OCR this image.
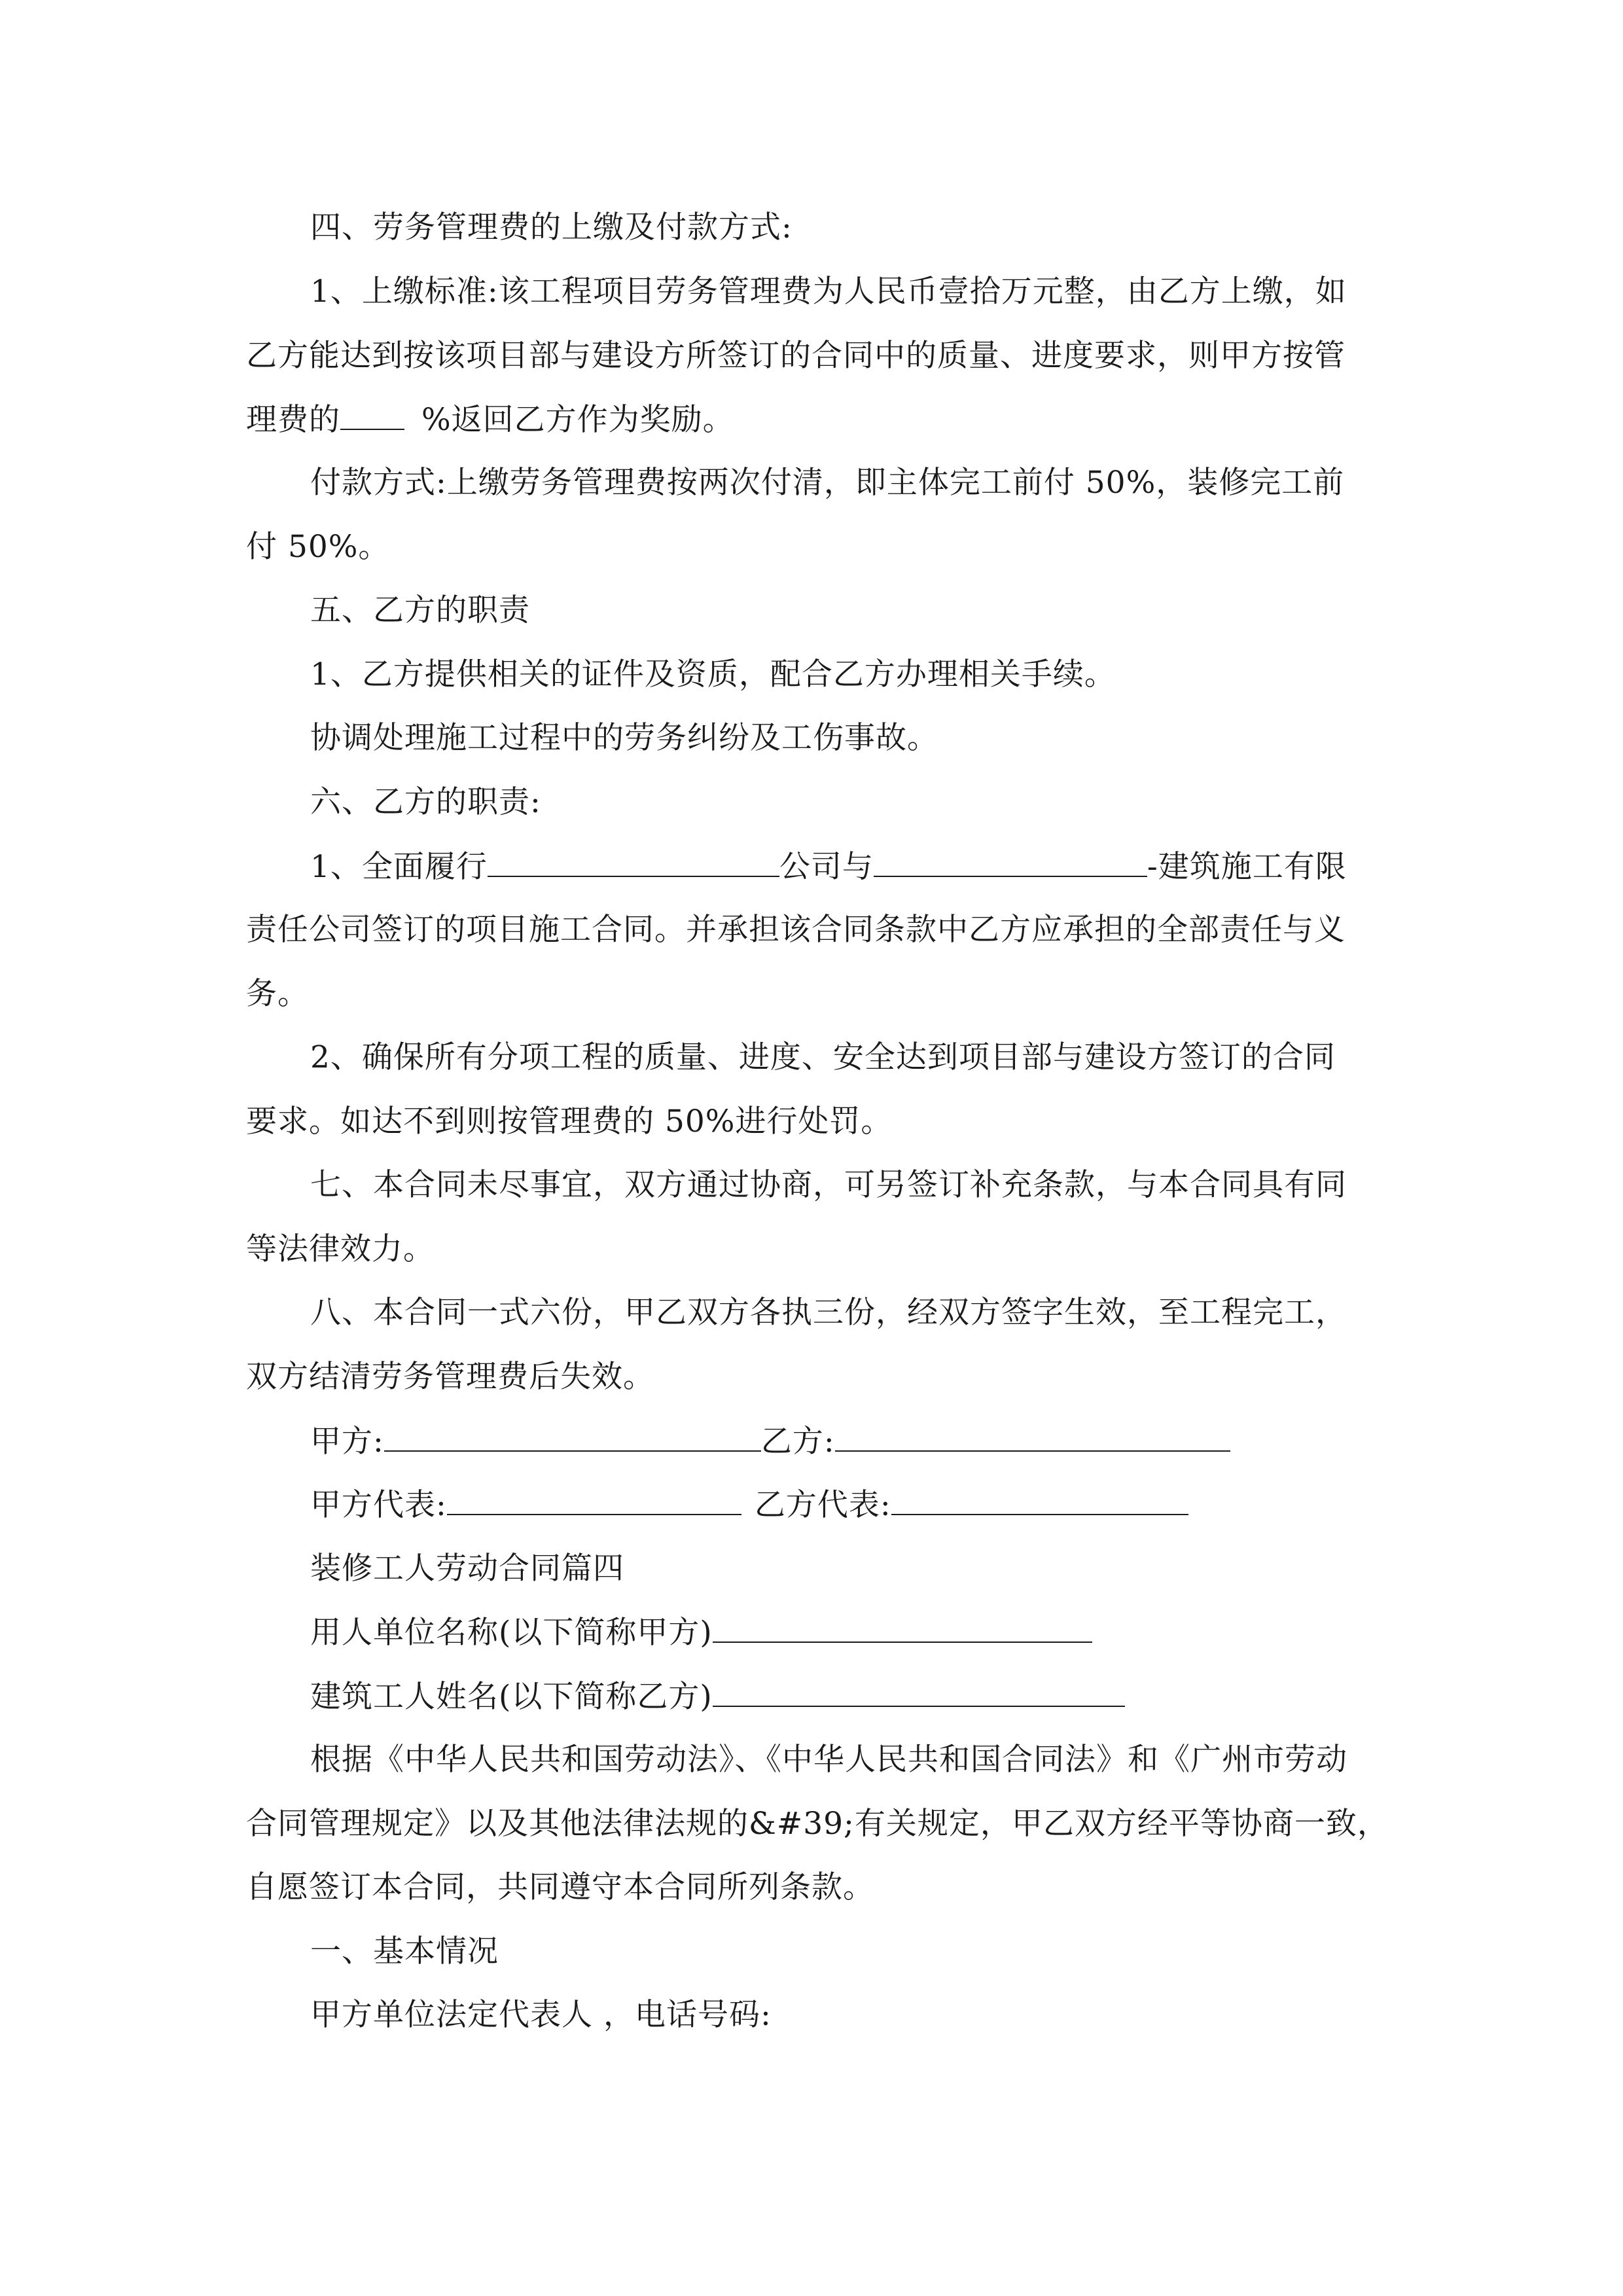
四、劳务管理费的上缴及付款方式:
1、上缴标准:该工程项目劳务管理费为人民币壹拾万元整，由乙方上缴，如
乙方能达到按该项目部与建设方所签订的合同中的质量、进度要求，则甲方按管
理费的	%返回乙方作为奖励。
付款方式:上缴劳务管理费按两次付清，即主体完工前付 50%，装修完工前
付 50%。
五、乙方的职责
1、乙方提供相关的证件及资质，配合乙方办理相关手续。
协调处理施工过程中的劳务纠纷及工伤事故。
六、乙方的职责:
1、全面履行	公司与	-建筑施工有限
责任公司签订的项目施工合同。并承担该合同条款中乙方应承担的全部责任与义
务。
2、确保所有分项工程的质量、进度、安全达到项目部与建设方签订的合同
要求。如达不到则按管理费的 50%进行处罚。
七、本合同未尽事宜，双方通过协商，可另签订补充条款，与本合同具有同
等法律效力。
八、本合同一式六份，甲乙双方各执三份，经双方签字生效，至工程完工，
双方结清劳务管理费后失效。
甲方:	乙方:
甲方代表:	乙方代表:
装修工人劳动合同篇四
用人单位名称(以下简称甲方)
建筑工人姓名(以下简称乙方)
根据《中华人民共和国劳动法》、《中华人民共和国合同法》和《广州市劳动
合同管理规定》以及其他法律法规的&#39;有关规定，甲乙双方经平等协商一致，
自愿签订本合同，共同遵守本合同所列条款。
一、基本情况
甲方单位法定代表人 ，电话号码:
